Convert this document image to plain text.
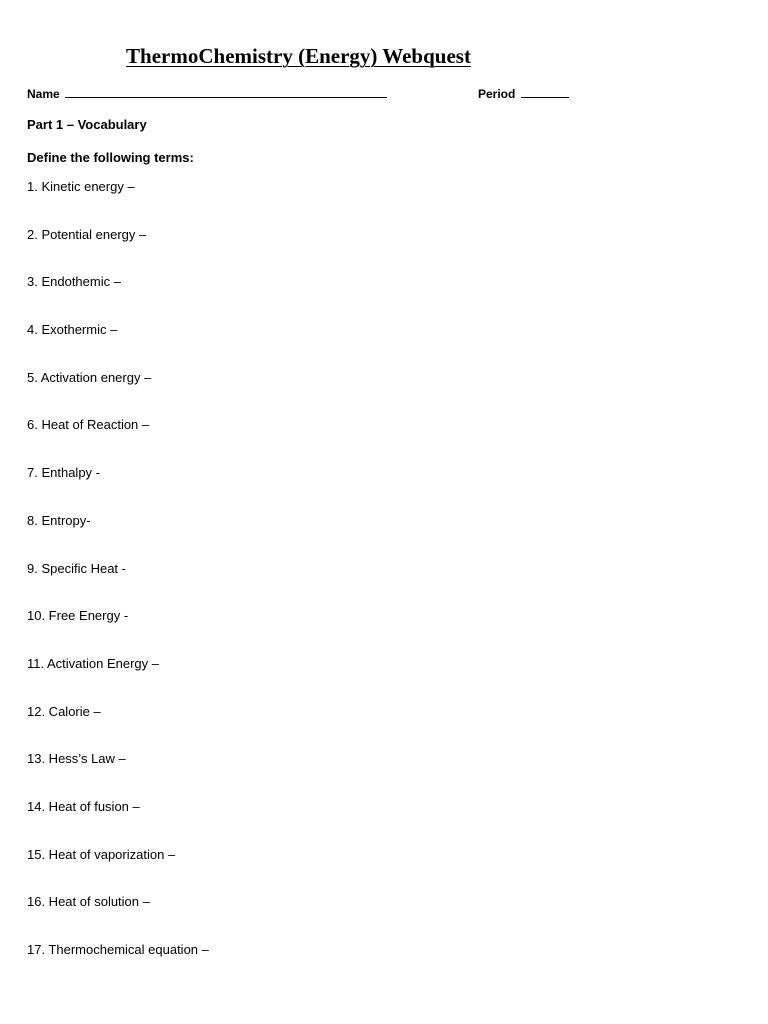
ThermoChemistry (Energy) Webquest
Name	Period
Part 1 – Vocabulary
Define the following terms:
1. Kinetic energy –
2. Potential energy –
3. Endothemic –
4. Exothermic –
5. Activation energy –
6. Heat of Reaction –
7. Enthalpy -
8. Entropy-
9. Specific Heat -
10. Free Energy -
11. Activation Energy –
12. Calorie –
13. Hess’s Law –
14. Heat of fusion –
15. Heat of vaporization –
16. Heat of solution –
17. Thermochemical equation –
